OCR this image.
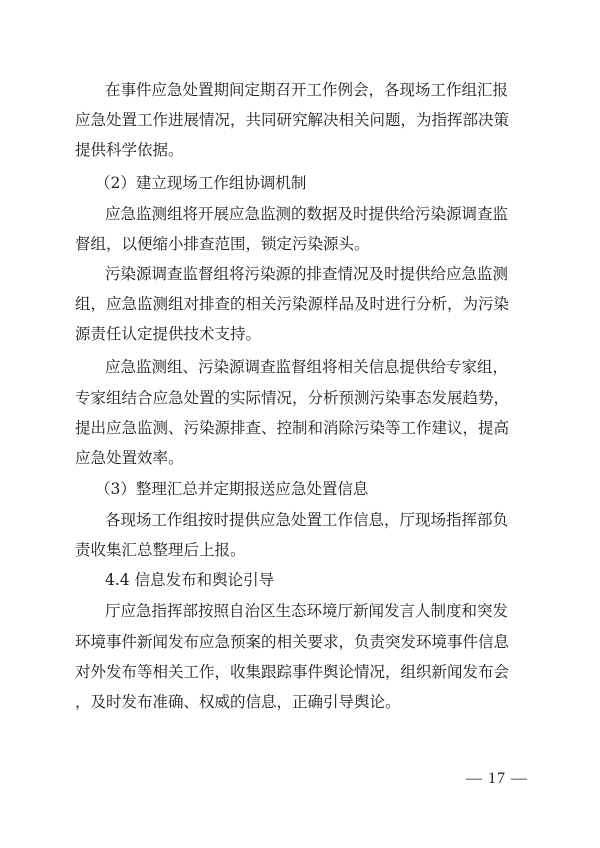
在事件应急处置期间定期召开工作例会，各现场工作组汇报
应急处置工作进展情况，共同研究解决相关问题，为指挥部决策
提供科学依据。
（2）建立现场工作组协调机制
应急监测组将开展应急监测的数据及时提供给污染源调查监
督组，以便缩小排查范围，锁定污染源头。
污染源调查监督组将污染源的排查情况及时提供给应急监测
组，应急监测组对排查的相关污染源样品及时进行分析，为污染
源责任认定提供技术支持。
应急监测组、污染源调查监督组将相关信息提供给专家组，
专家组结合应急处置的实际情况，分析预测污染事态发展趋势，
提出应急监测、污染源排查、控制和消除污染等工作建议，提高
应急处置效率。
（3）整理汇总并定期报送应急处置信息
各现场工作组按时提供应急处置工作信息，厅现场指挥部负
责收集汇总整理后上报。
4.4 信息发布和舆论引导
厅应急指挥部按照自治区生态环境厅新闻发言人制度和突发
环境事件新闻发布应急预案的相关要求，负责突发环境事件信息
对外发布等相关工作，收集跟踪事件舆论情况，组织新闻发布会
，及时发布准确、权威的信息，正确引导舆论。
— 17 —
